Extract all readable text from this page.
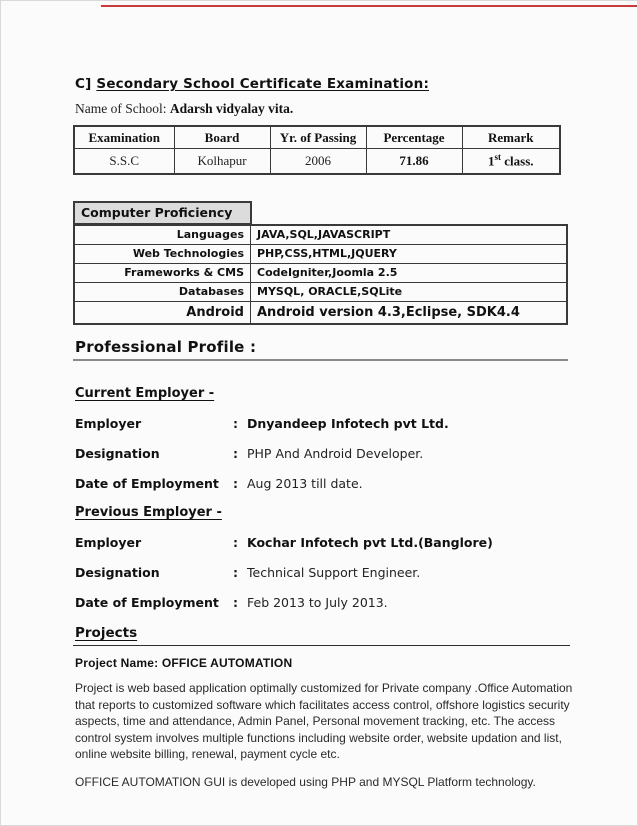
C] Secondary School Certificate Examination:
Name of School: Adarsh vidyalay vita.
Examination	Board	Yr. of Passing	Percentage	Remark
S.S.C	Kolhapur	2006	71.86	1st class.
Computer Proficiency
Languages	JAVA,SQL,JAVASCRIPT
Web Technologies	PHP,CSS,HTML,JQUERY
Frameworks & CMS	CodeIgniter,Joomla 2.5
Databases	MYSQL, ORACLE,SQLite
Android	Android version 4.3,Eclipse, SDK4.4
Professional Profile :
Current Employer -
Employer	: Dnyandeep Infotech pvt Ltd.
Designation	: PHP And Android Developer.
Date of Employment	: Aug 2013 till date.
Previous Employer -
Employer	: Kochar Infotech pvt Ltd.(Banglore)
Designation	: Technical Support Engineer.
Date of Employment	: Feb 2013 to July 2013.
Projects
Project Name: OFFICE AUTOMATION
Project is web based application optimally customized for Private company .Office Automation that reports to customized software which facilitates access control, offshore logistics security aspects, time and attendance, Admin Panel, Personal movement tracking, etc. The access control system involves multiple functions including website order, website updation and list, online website billing, renewal, payment cycle etc.
OFFICE AUTOMATION GUI is developed using PHP and MYSQL Platform technology.
